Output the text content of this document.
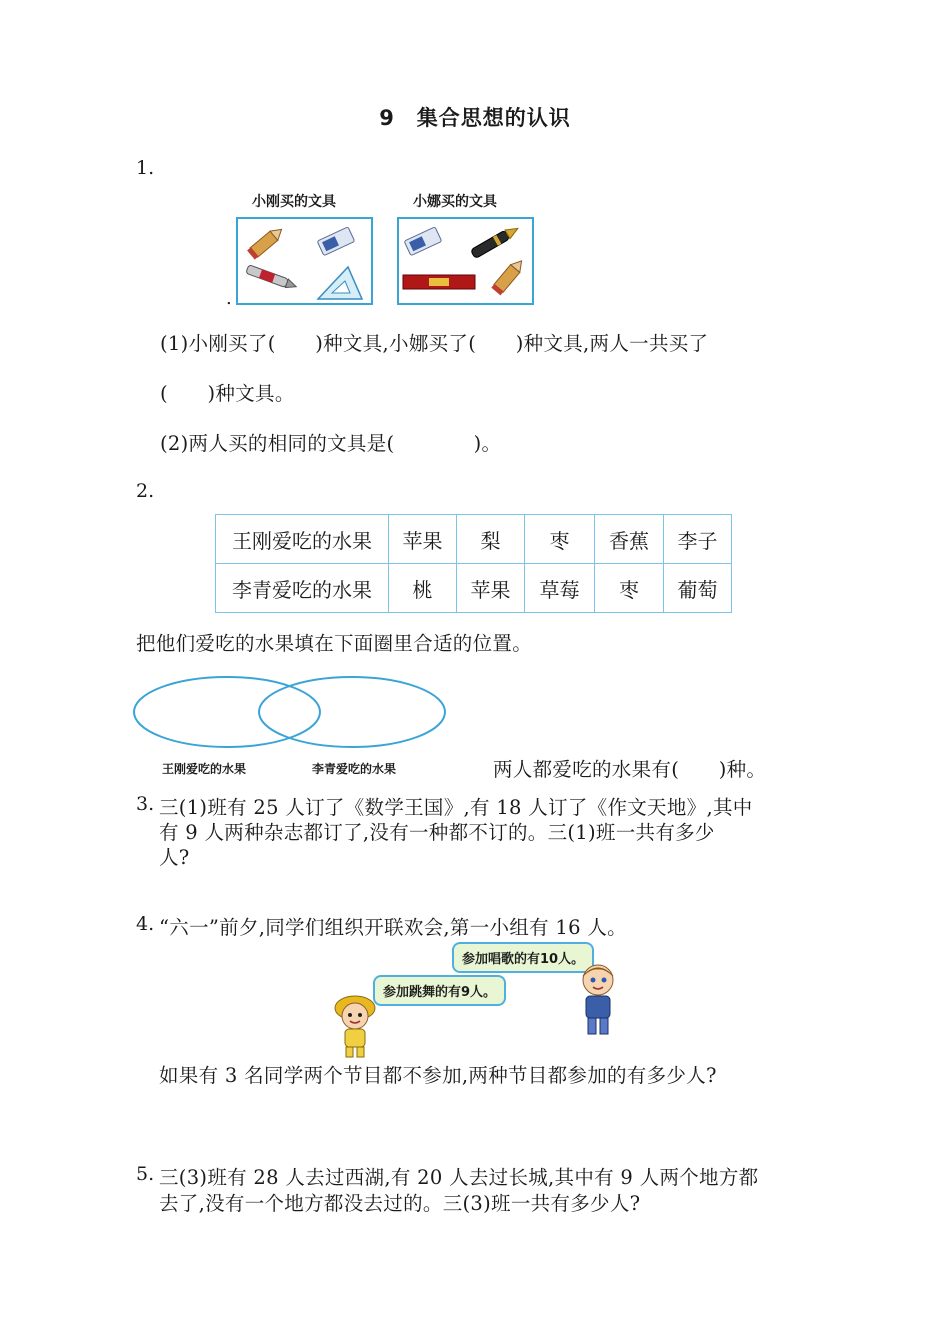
9　集合思想的认识
1.
小刚买的文具	小娜买的文具
.
(1)小刚买了(　　)种文具,小娜买了(　　)种文具,两人一共买了
(　　)种文具。
(2)两人买的相同的文具是(　　　　)。
2.
王刚爱吃的水果	苹果	梨	枣	香蕉	李子
李青爱吃的水果	桃	苹果	草莓	枣	葡萄
把他们爱吃的水果填在下面圈里合适的位置。
王刚爱吃的水果	李青爱吃的水果	两人都爱吃的水果有(　　)种。
3. 三(1)班有 25 人订了《数学王国》,有 18 人订了《作文天地》,其中
有 9 人两种杂志都订了,没有一种都不订的。三(1)班一共有多少
人?
4. “六一”前夕,同学们组织开联欢会,第一小组有 16 人。
参加唱歌的有10人。
参加跳舞的有9人。
如果有 3 名同学两个节目都不参加,两种节目都参加的有多少人?
5. 三(3)班有 28 人去过西湖,有 20 人去过长城,其中有 9 人两个地方都
去了,没有一个地方都没去过的。三(3)班一共有多少人?
